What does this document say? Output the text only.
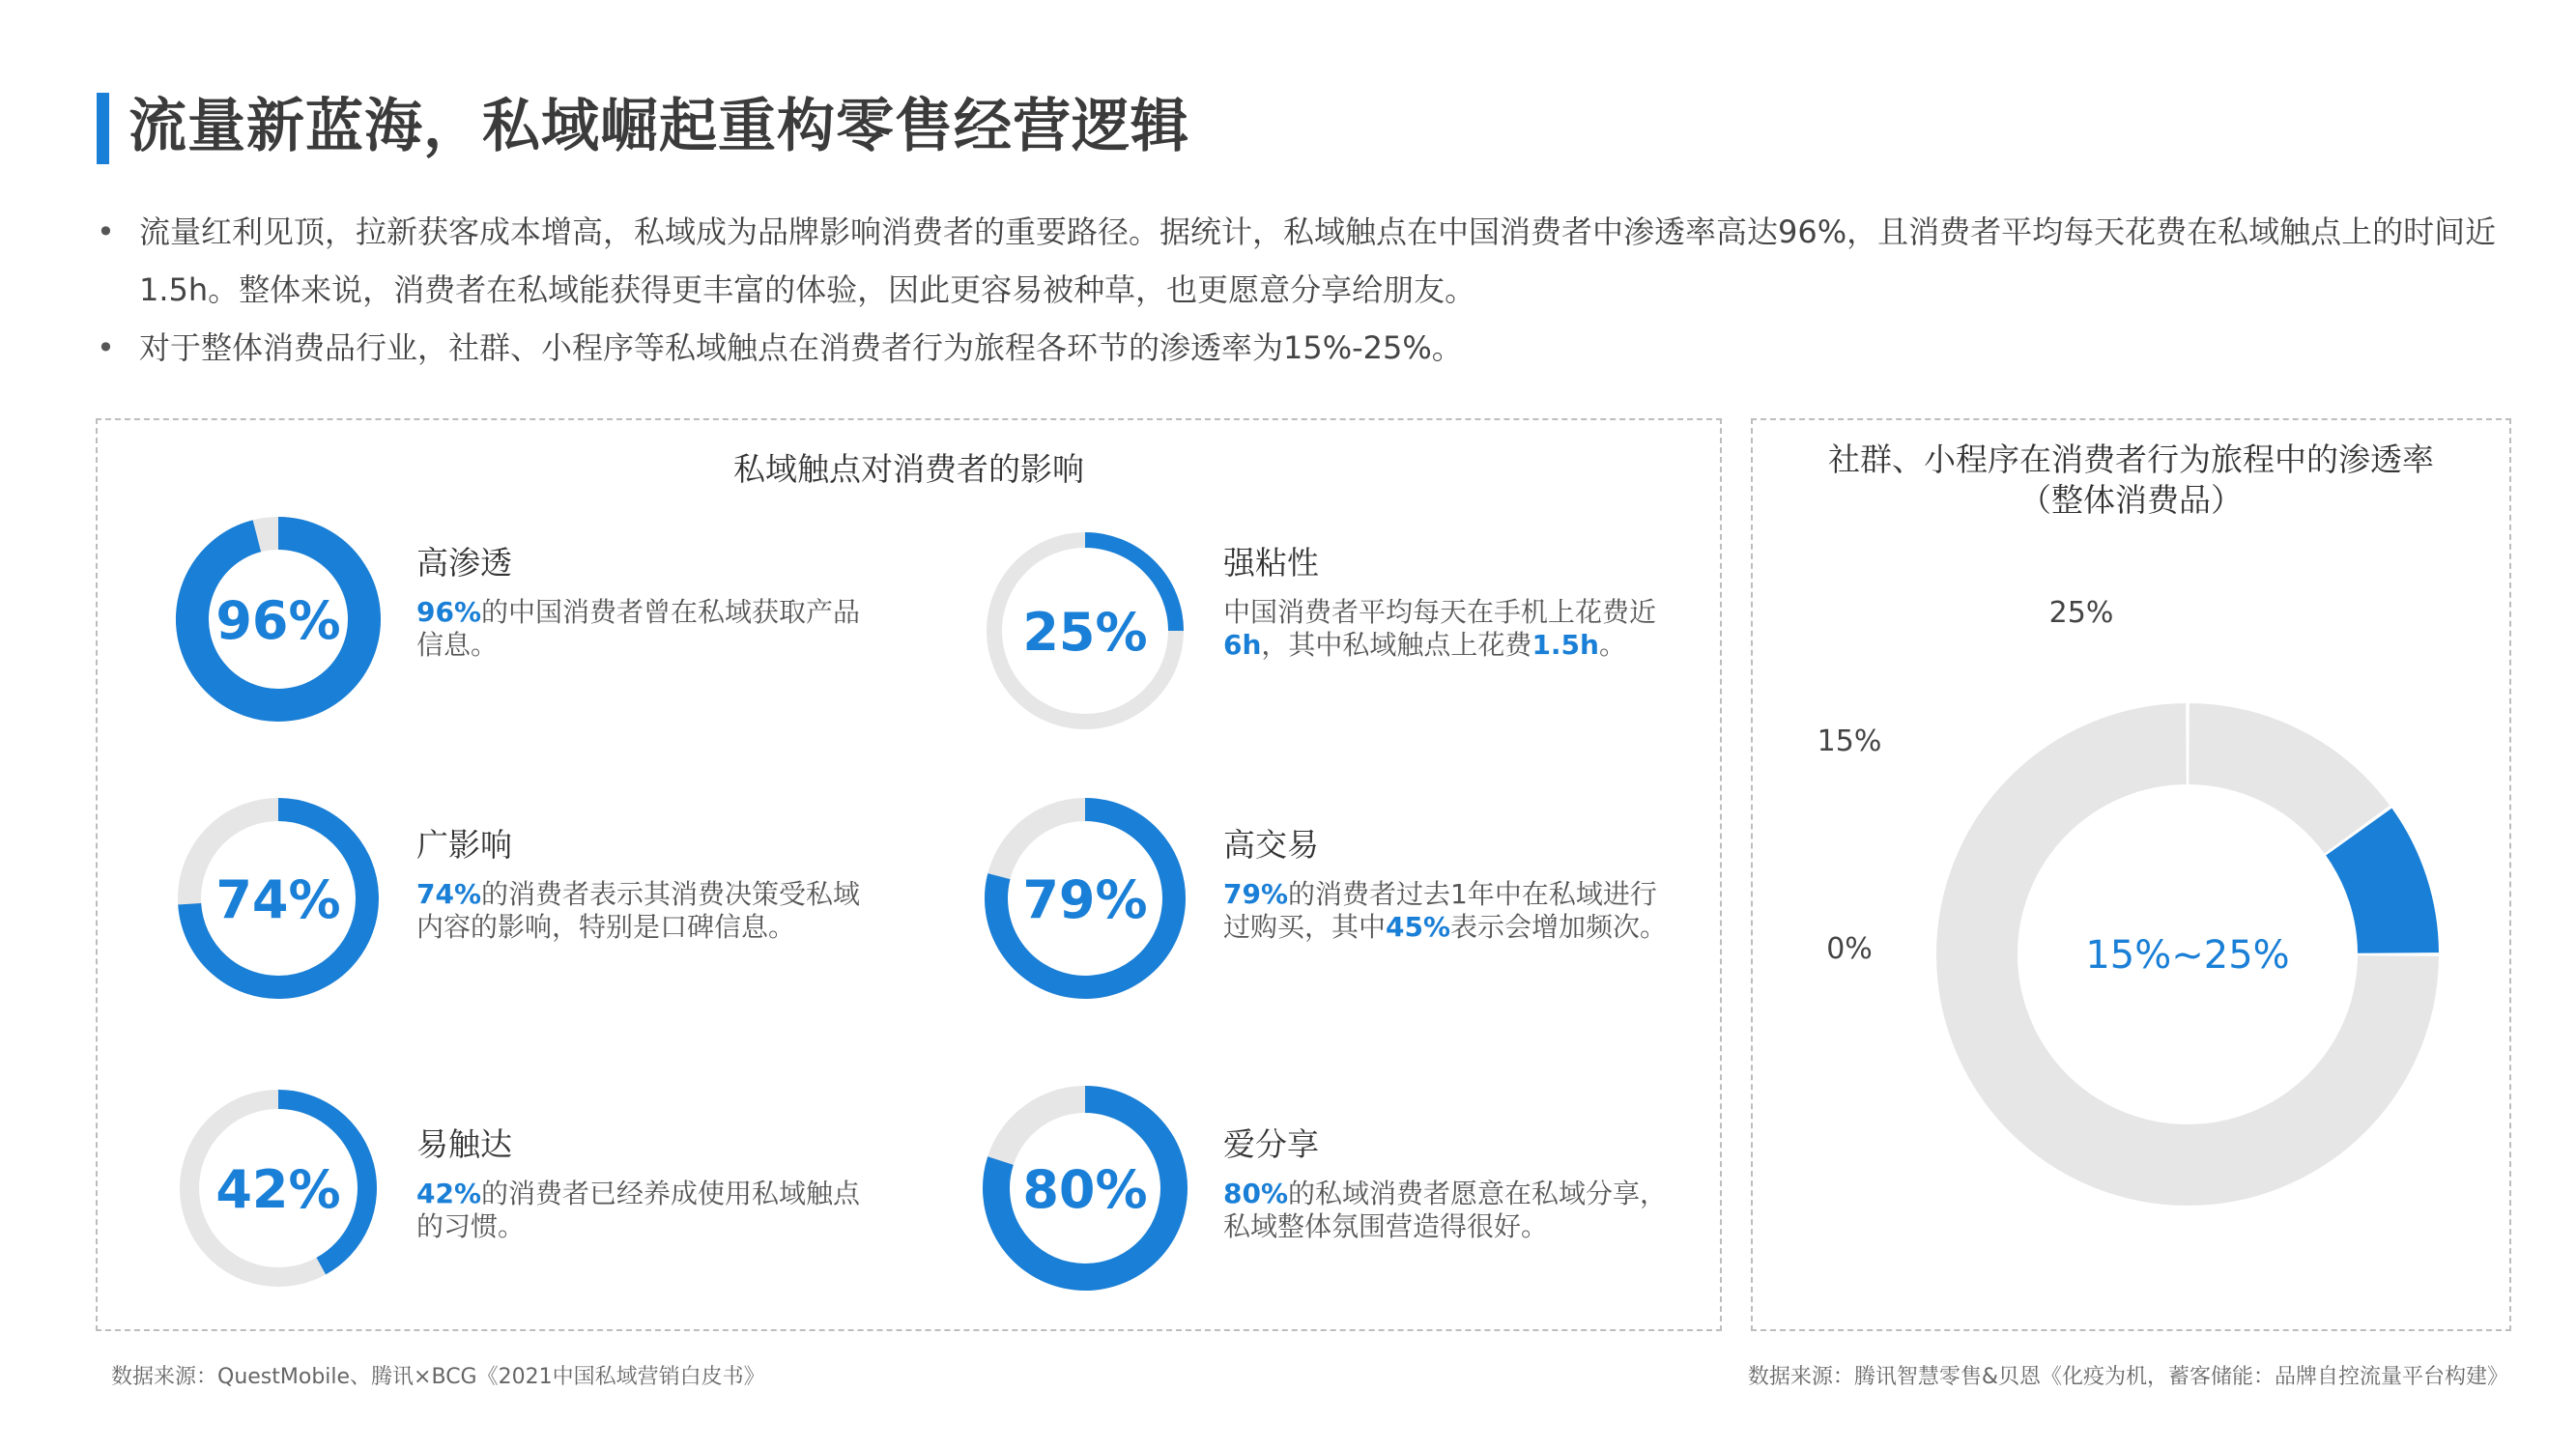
流量新蓝海，私域崛起重构零售经营逻辑
• 流量红利见顶，拉新获客成本增高，私域成为品牌影响消费者的重要路径。据统计，私域触点在中国消费者中渗透率高达96%，且消费者平均每天花费在私域触点上的时间近1.5h。整体来说，消费者在私域能获得更丰富的体验，因此更容易被种草，也更愿意分享给朋友。
• 对于整体消费品行业，社群、小程序等私域触点在消费者行为旅程各环节的渗透率为15%-25%。
私域触点对消费者的影响
96%
高渗透
96%的中国消费者曾在私域获取产品信息。	25%
强粘性
中国消费者平均每天在手机上花费近6h，其中私域触点上花费1.5h。
74%
广影响
74%的消费者表示其消费决策受私域内容的影响，特别是口碑信息。	79%
高交易
79%的消费者过去1年中在私域进行过购买，其中45%表示会增加频次。
42%
易触达
42%的消费者已经养成使用私域触点的习惯。
80%
爱分享
80%的私域消费者愿意在私域分享，私域整体氛围营造得很好。
社群、小程序在消费者行为旅程中的渗透率
（整体消费品）
15%~25%
0%
15%
25%
数据来源：QuestMobile、腾讯×BCG《2021中国私域营销白皮书》	数据来源：腾讯智慧零售&贝恩《化疫为机，蓄客储能：品牌自控流量平台构建》
